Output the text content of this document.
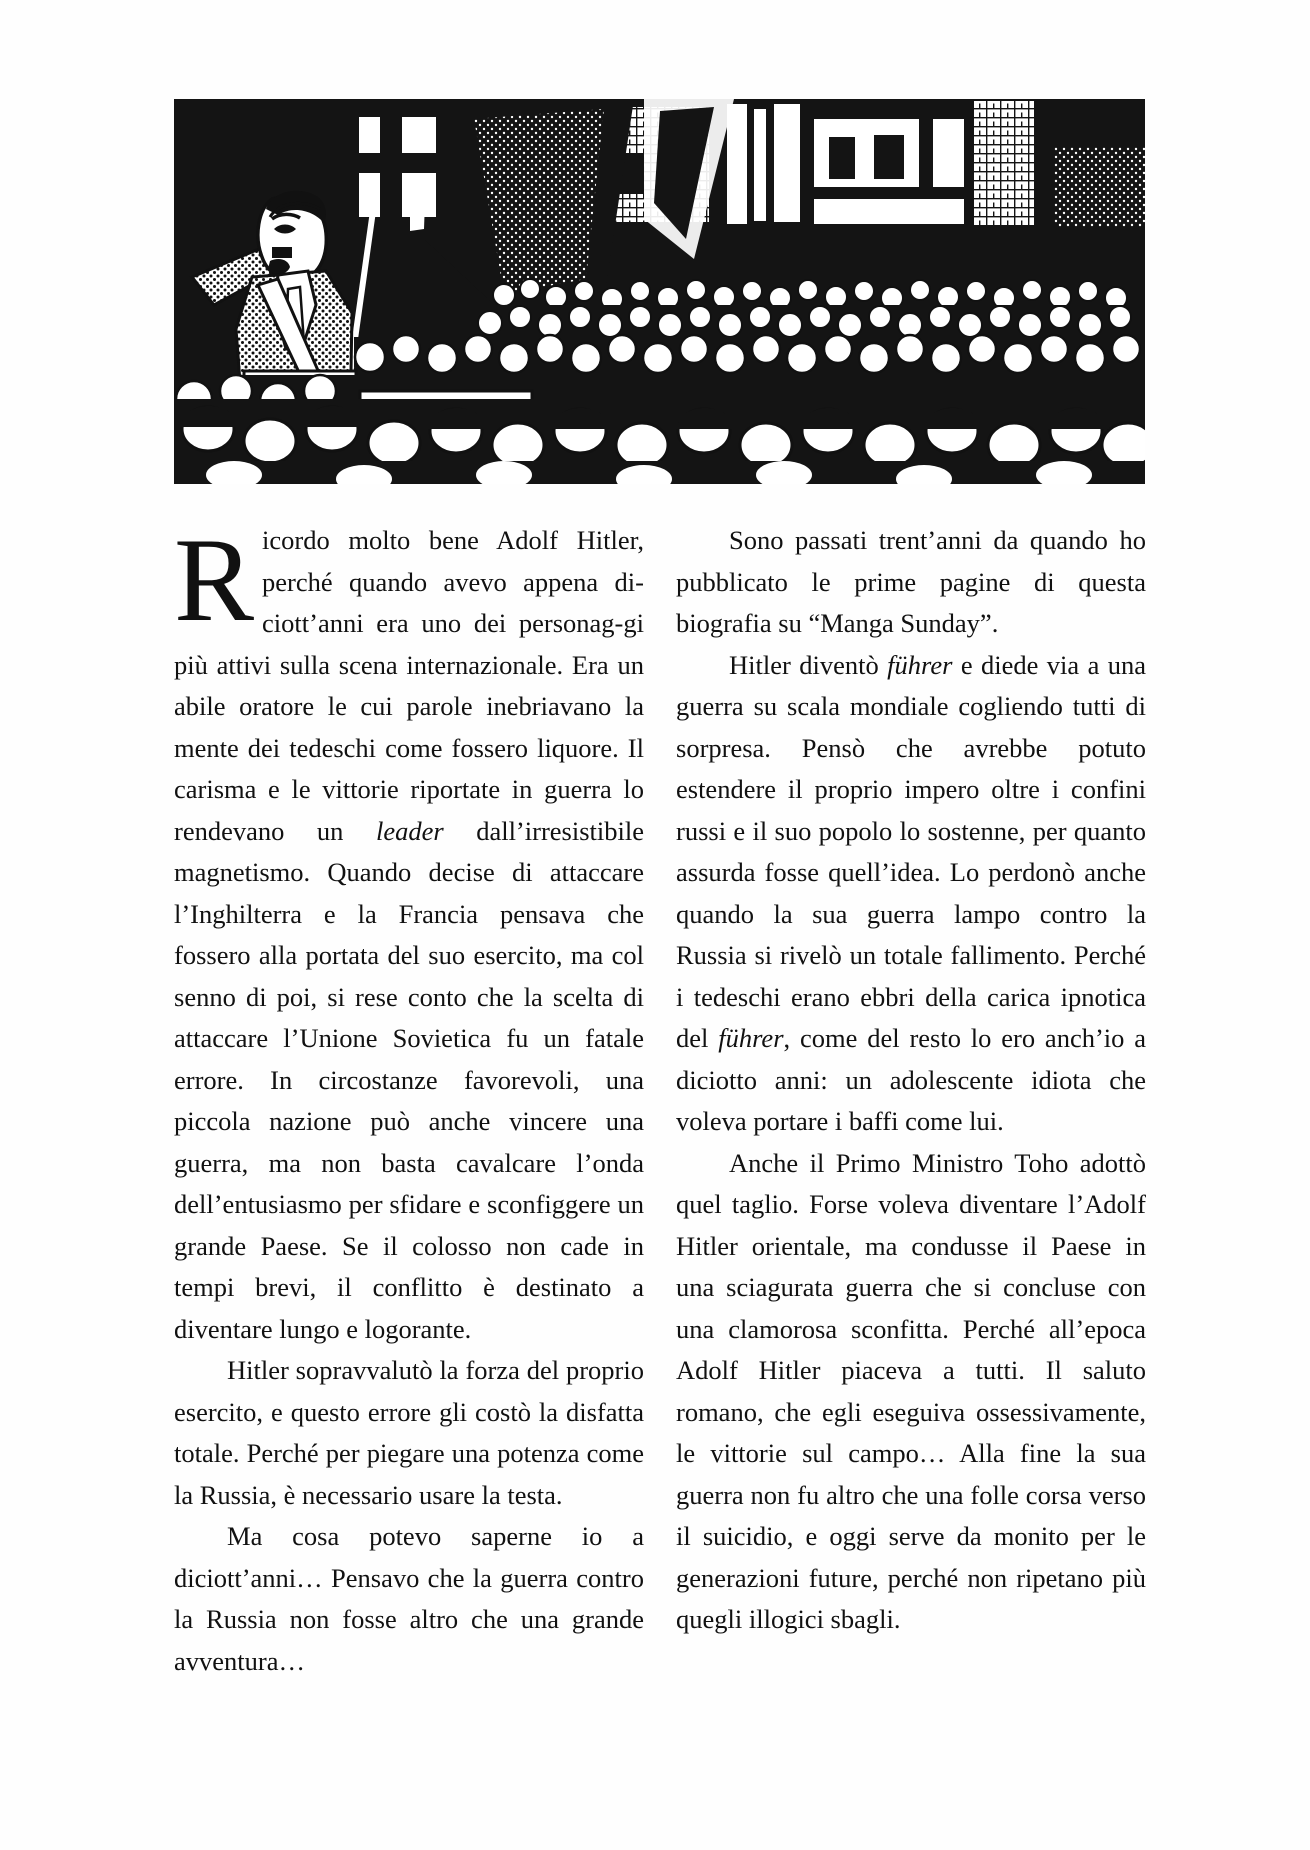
Ricordo molto bene Adolf Hitler, perché quando avevo appena di-ciott’anni era uno dei personag-gi più attivi sulla scena internazionale. Era un abile oratore le cui parole inebriavano la mente dei tedeschi come fossero liquore. Il carisma e le vittorie riportate in guerra lo rendevano un leader dall’irresistibile magnetismo. Quando decise di attaccare l’Inghilterra e la Francia pensava che fossero alla portata del suo esercito, ma col senno di poi, si rese conto che la scelta di attaccare l’Unione Sovietica fu un fatale errore. In circostanze favorevoli, una piccola nazione può anche vincere una guerra, ma non basta cavalcare l’onda dell’entusiasmo per sfidare e sconfiggere un grande Paese. Se il colosso non cade in tempi brevi, il conflitto è destinato a diventare lungo e logorante.

Hitler sopravvalutò la forza del proprio esercito, e questo errore gli costò la disfatta totale. Perché per piegare una potenza come la Russia, è necessario usare la testa.

Ma cosa potevo saperne io a diciott’anni… Pensavo che la guerra contro la Russia non fosse altro che una grande avventura…

Sono passati trent’anni da quando ho pubblicato le prime pagine di questa biografia su “Manga Sunday”.

Hitler diventò führer e diede via a una guerra su scala mondiale cogliendo tutti di sorpresa. Pensò che avrebbe potuto estendere il proprio impero oltre i confini russi e il suo popolo lo sostenne, per quanto assurda fosse quell’idea. Lo perdonò anche quando la sua guerra lampo contro la Russia si rivelò un totale fallimento. Perché i tedeschi erano ebbri della carica ipnotica del führer, come del resto lo ero anch’io a diciotto anni: un adolescente idiota che voleva portare i baffi come lui.

Anche il Primo Ministro Toho adottò quel taglio. Forse voleva diventare l’Adolf Hitler orientale, ma condusse il Paese in una sciagurata guerra che si concluse con una clamorosa sconfitta. Perché all’epoca Adolf Hitler piaceva a tutti. Il saluto romano, che egli eseguiva ossessivamente, le vittorie sul campo… Alla fine la sua guerra non fu altro che una folle corsa verso il suicidio, e oggi serve da monito per le generazioni future, perché non ripetano più quegli illogici sbagli.
